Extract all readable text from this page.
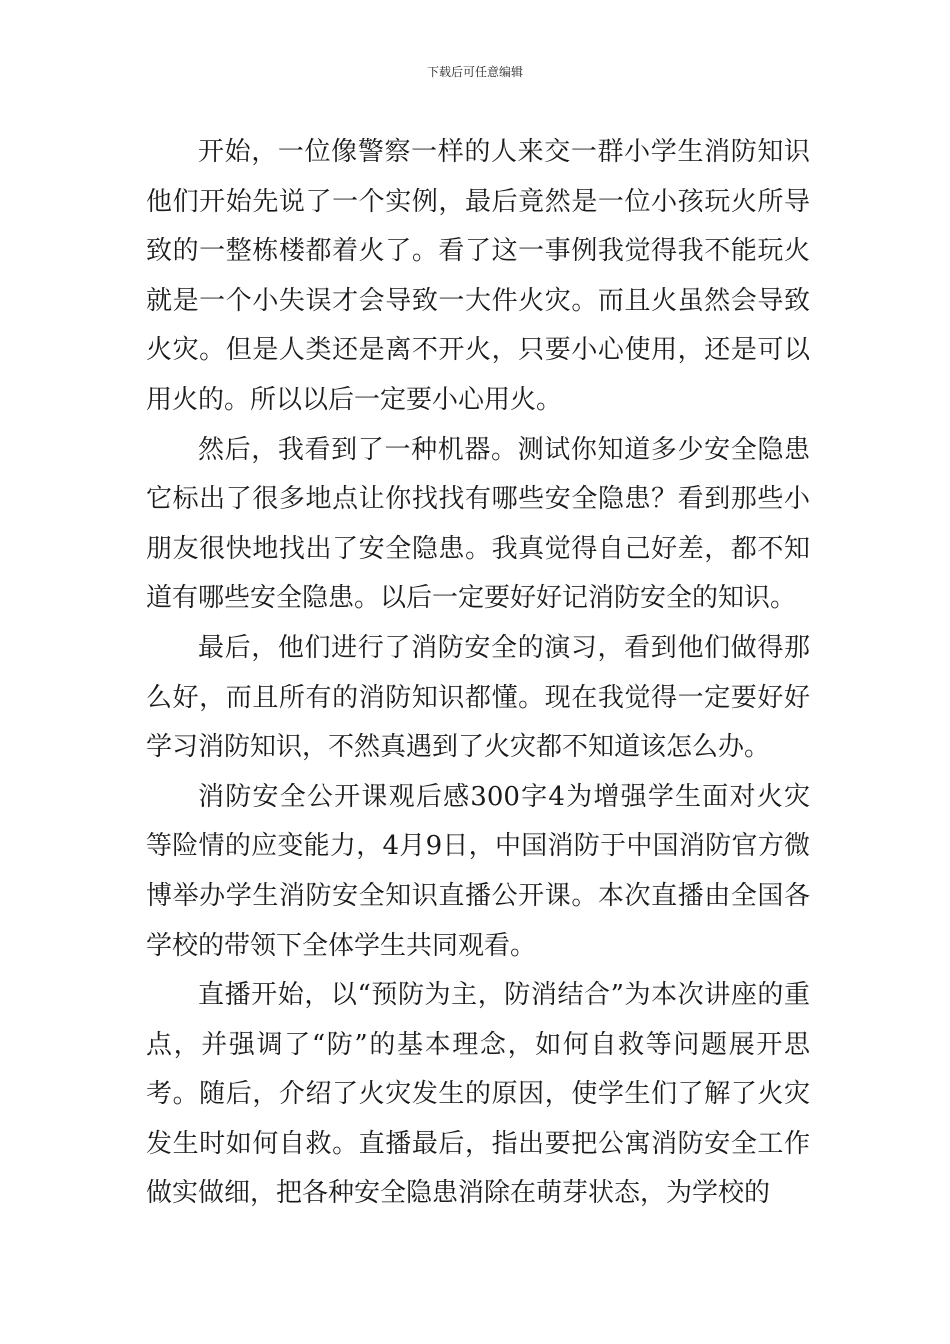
下载后可任意编辑

开始，一位像警察一样的人来交一群小学生消防知识他们开始先说了一个实例，最后竟然是一位小孩玩火所导致的一整栋楼都着火了。看了这一事例我觉得我不能玩火就是一个小失误才会导致一大件火灾。而且火虽然会导致火灾。但是人类还是离不开火，只要小心使用，还是可以用火的。所以以后一定要小心用火。

然后，我看到了一种机器。测试你知道多少安全隐患它标出了很多地点让你找找有哪些安全隐患？看到那些小朋友很快地找出了安全隐患。我真觉得自己好差，都不知道有哪些安全隐患。以后一定要好好记消防安全的知识。

最后，他们进行了消防安全的演习，看到他们做得那么好，而且所有的消防知识都懂。现在我觉得一定要好好学习消防知识，不然真遇到了火灾都不知道该怎么办。

消防安全公开课观后感300字4为增强学生面对火灾等险情的应变能力，4月9日，中国消防于中国消防官方微博举办学生消防安全知识直播公开课。本次直播由全国各学校的带领下全体学生共同观看。

直播开始，以“预防为主，防消结合”为本次讲座的重点，并强调了“防”的基本理念，如何自救等问题展开思考。随后，介绍了火灾发生的原因，使学生们了解了火灾发生时如何自救。直播最后，指出要把公寓消防安全工作做实做细，把各种安全隐患消除在萌芽状态，为学校的
